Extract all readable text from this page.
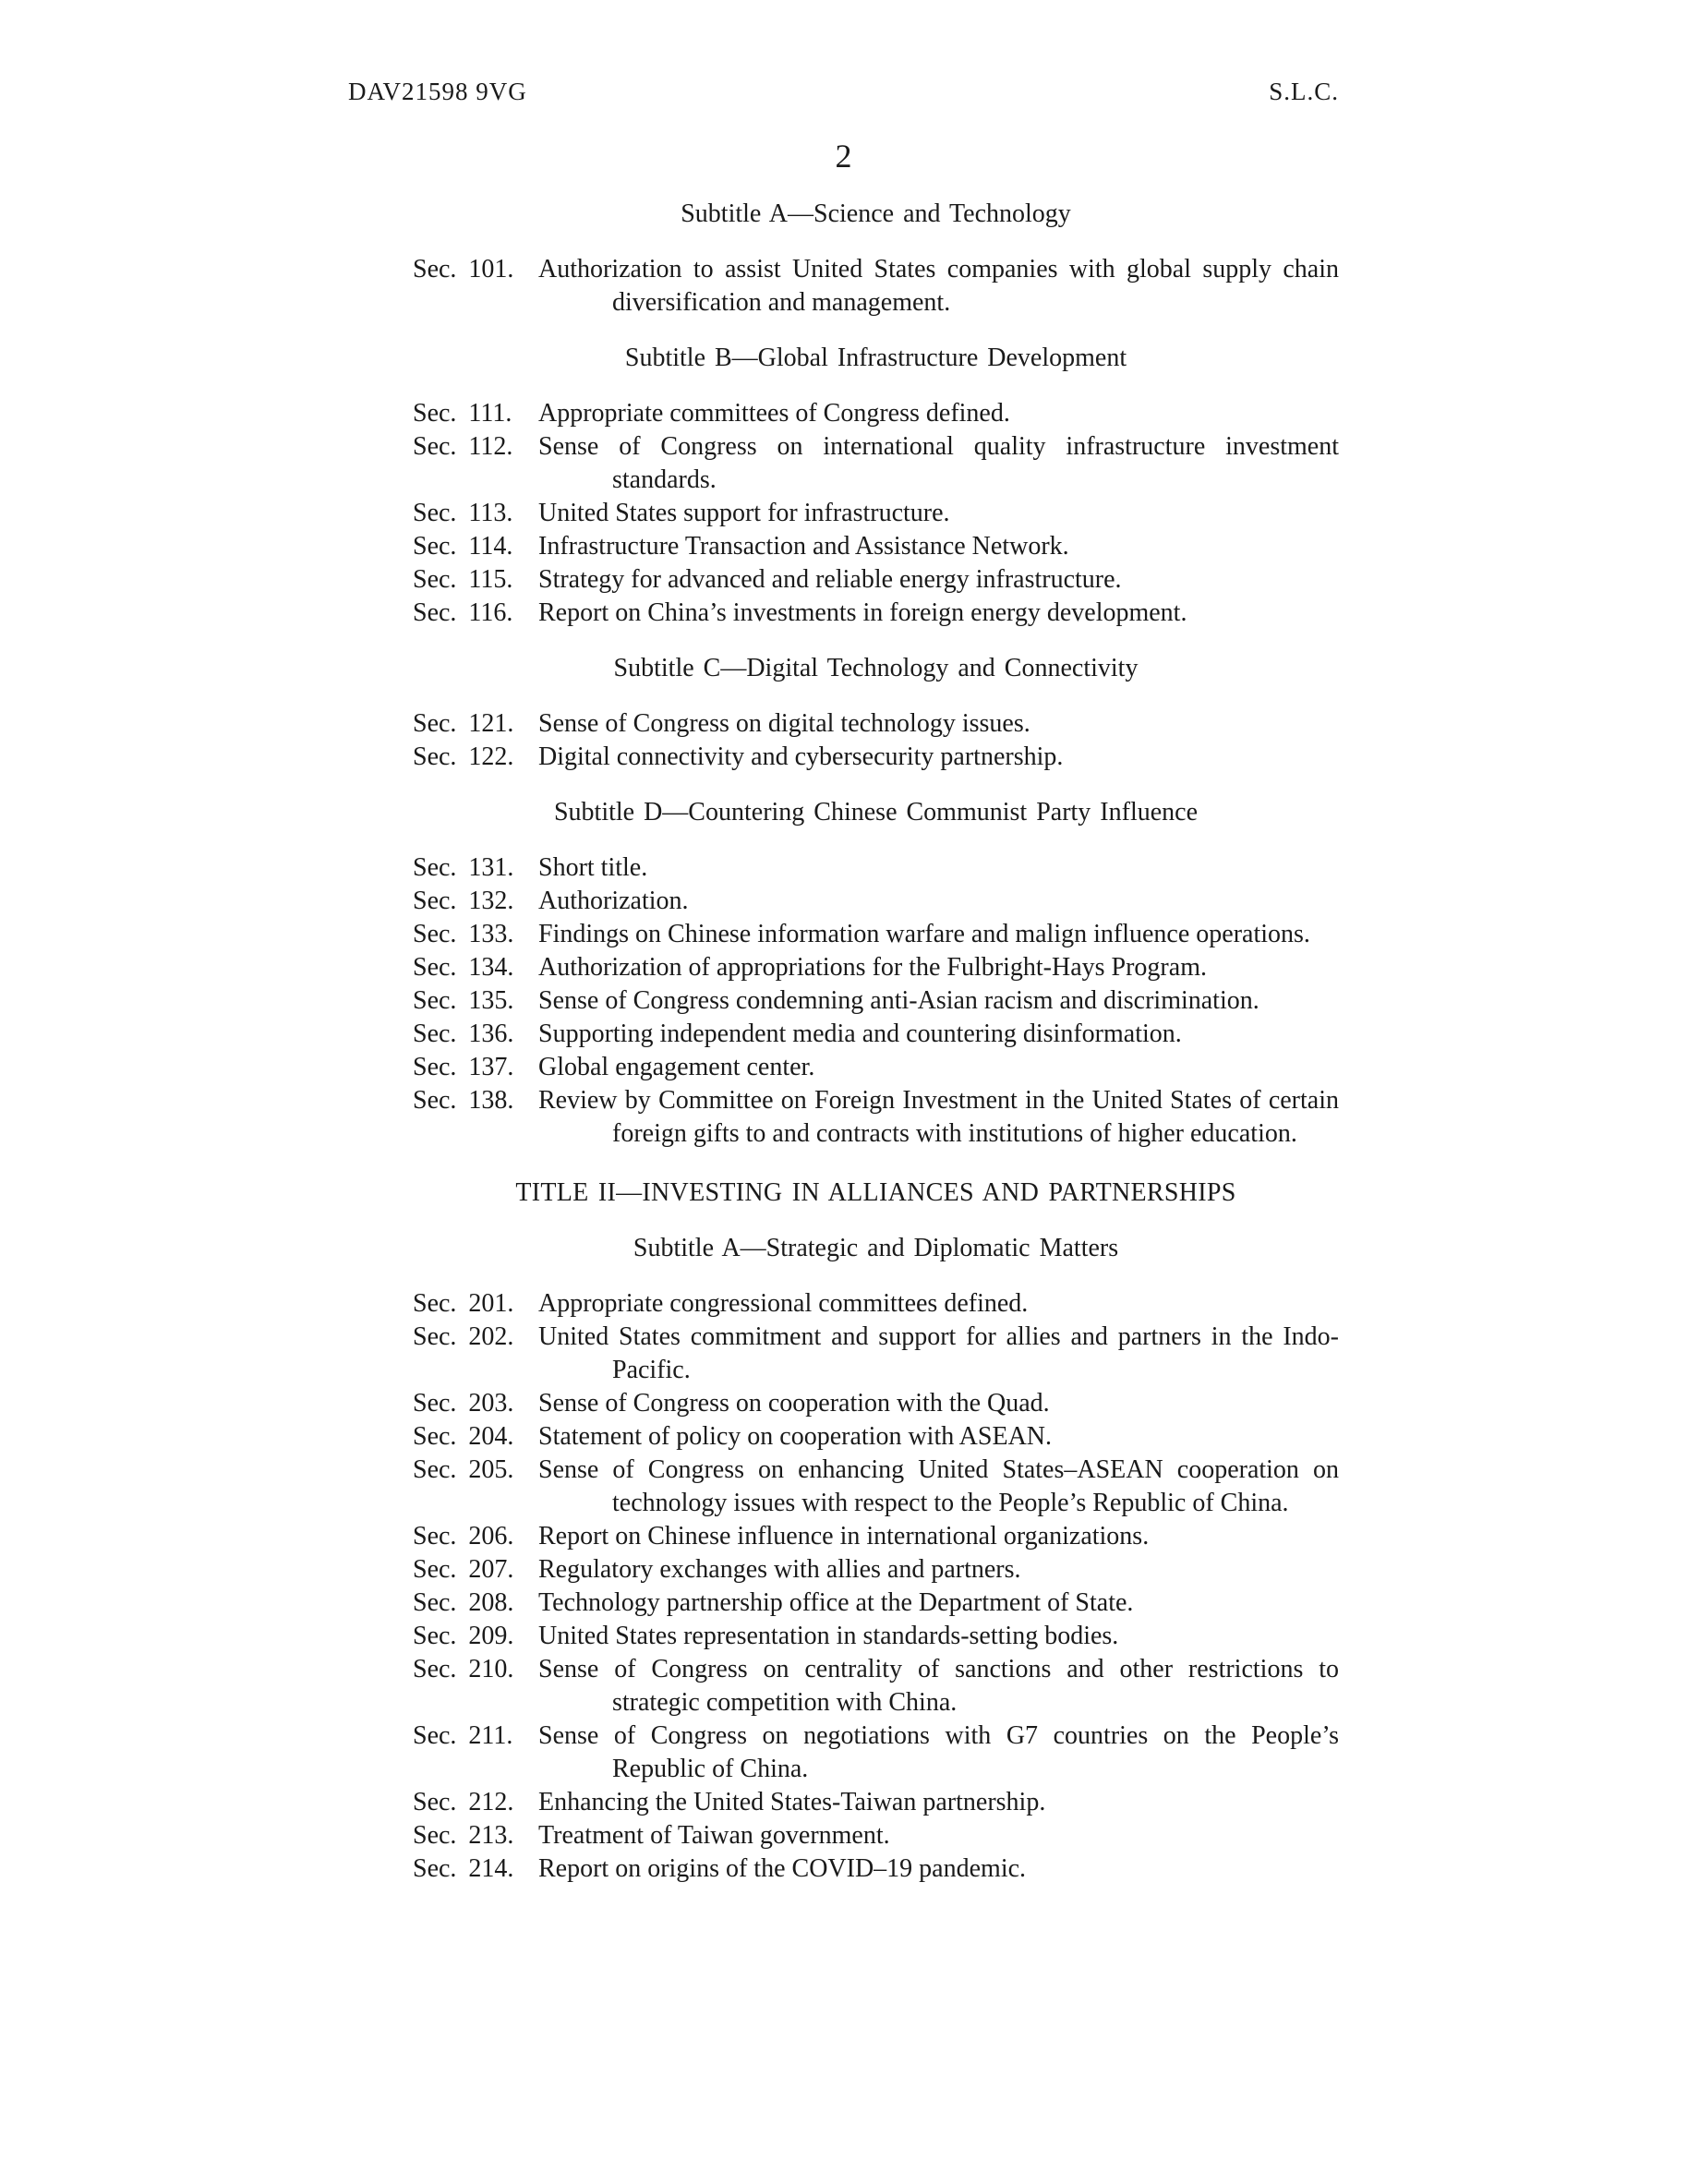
DAV21598 9VG	S.L.C.
2

Subtitle A—Science and Technology

Sec. 101. Authorization to assist United States companies with global supply chain diversification and management.

Subtitle B—Global Infrastructure Development

Sec. 111.	Appropriate committees of Congress defined.
Sec. 112. Sense of Congress on international quality infrastructure investment standards.
Sec. 113. United States support for infrastructure.
Sec. 114. Infrastructure Transaction and Assistance Network.
Sec. 115. Strategy for advanced and reliable energy infrastructure.
Sec. 116. Report on China’s investments in foreign energy development.

Subtitle C—Digital Technology and Connectivity

Sec. 121. Sense of Congress on digital technology issues.
Sec. 122. Digital connectivity and cybersecurity partnership.

Subtitle D—Countering Chinese Communist Party Influence

Sec. 131. Short title.
Sec. 132. Authorization.
Sec. 133. Findings on Chinese information warfare and malign influence operations.
Sec. 134. Authorization of appropriations for the Fulbright-Hays Program.
Sec. 135. Sense of Congress condemning anti-Asian racism and discrimination.
Sec. 136. Supporting independent media and countering disinformation.
Sec. 137. Global engagement center.
Sec. 138. Review by Committee on Foreign Investment in the United States of certain foreign gifts to and contracts with institutions of higher education.

TITLE II—INVESTING IN ALLIANCES AND PARTNERSHIPS

Subtitle A—Strategic and Diplomatic Matters

Sec. 201. Appropriate congressional committees defined.
Sec. 202. United States commitment and support for allies and partners in the Indo-Pacific.
Sec. 203. Sense of Congress on cooperation with the Quad.
Sec. 204. Statement of policy on cooperation with ASEAN.
Sec. 205. Sense of Congress on enhancing United States–ASEAN cooperation on technology issues with respect to the People’s Republic of China.
Sec. 206. Report on Chinese influence in international organizations.
Sec. 207. Regulatory exchanges with allies and partners.
Sec. 208. Technology partnership office at the Department of State.
Sec. 209. United States representation in standards-setting bodies.
Sec. 210. Sense of Congress on centrality of sanctions and other restrictions to strategic competition with China.
Sec. 211. Sense of Congress on negotiations with G7 countries on the People’s Republic of China.
Sec. 212. Enhancing the United States-Taiwan partnership.
Sec. 213. Treatment of Taiwan government.
Sec. 214. Report on origins of the COVID–19 pandemic.
